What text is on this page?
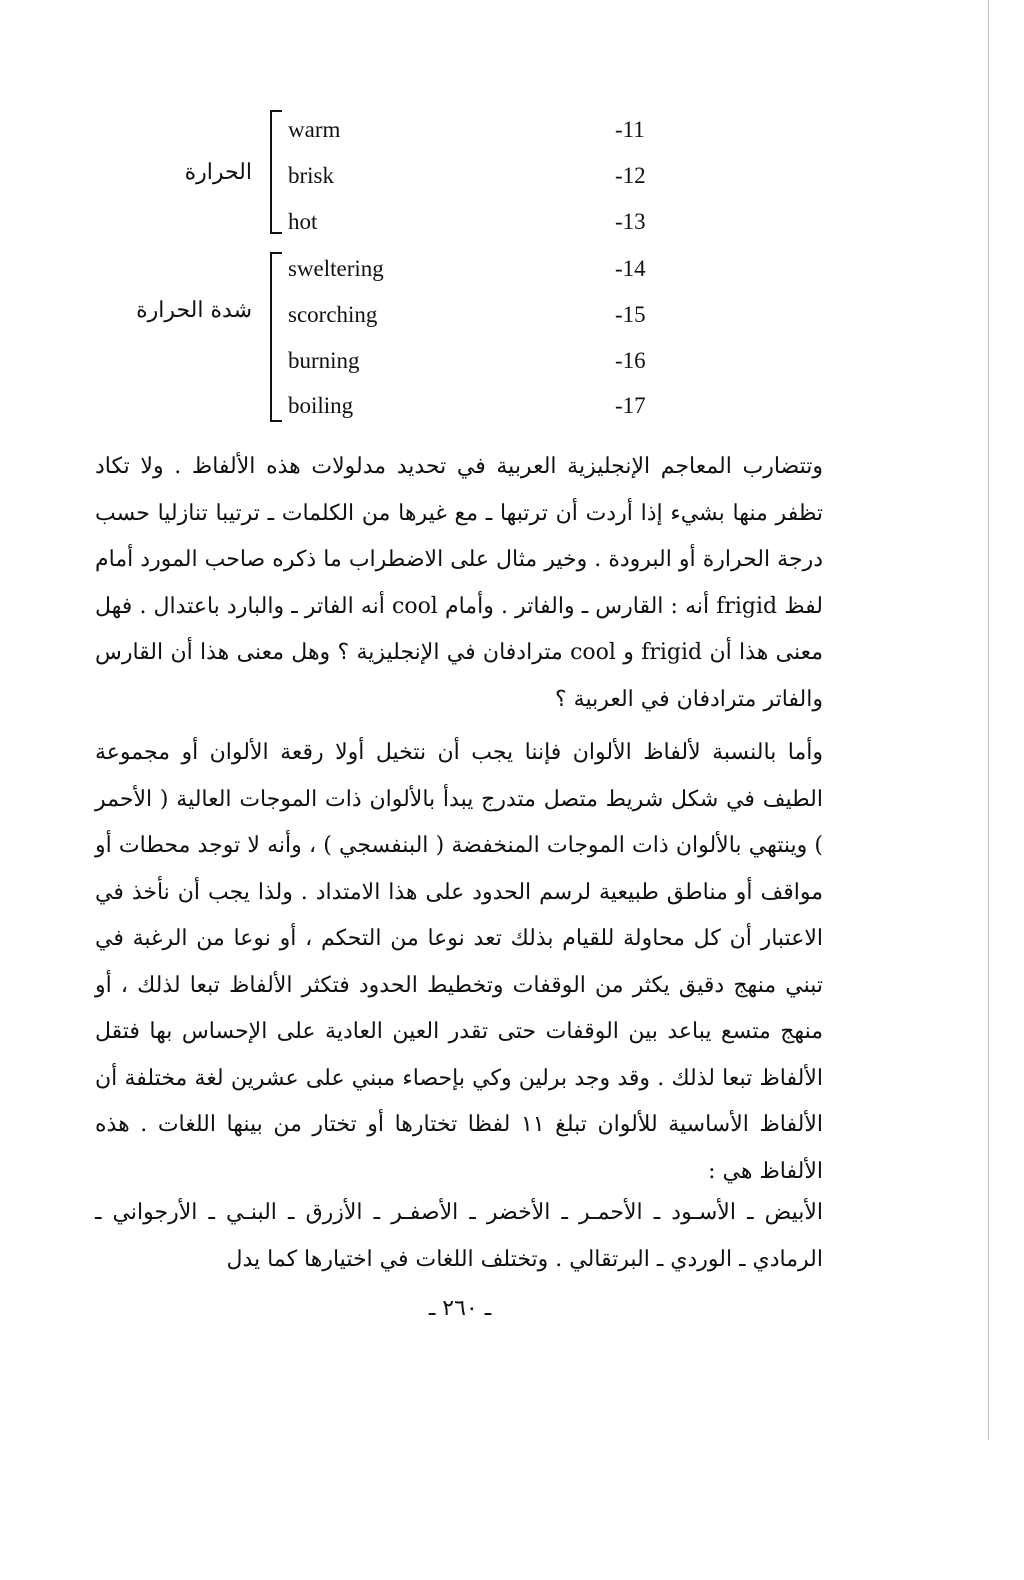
الحرارة
warm	-11
brisk	-12
hot	-13
شدة الحرارة
sweltering	-14
scorching	-15
burning	-16
boiling	-17

وتتضارب المعاجم الإنجليزية العربية في تحديد مدلولات هذه الألفاظ . ولا تكاد تظفر منها بشيء إذا أردت أن ترتبها ـ مع غيرها من الكلمات ـ ترتيبا تنازليا حسب درجة الحرارة أو البرودة . وخير مثال على الاضطراب ما ذكره صاحب المورد أمام لفظ frigid أنه : القارس ـ والفاتر . وأمام cool أنه الفاتر ـ والبارد باعتدال . فهل معنى هذا أن frigid و cool مترادفان في الإنجليزية ؟ وهل معنى هذا أن القارس والفاتر مترادفان في العربية ؟

وأما بالنسبة لألفاظ الألوان فإننا يجب أن نتخيل أولا رقعة الألوان أو مجموعة الطيف في شكل شريط متصل متدرج يبدأ بالألوان ذات الموجات العالية ( الأحمر ) وينتهي بالألوان ذات الموجات المنخفضة ( البنفسجي ) ، وأنه لا توجد محطات أو مواقف أو مناطق طبيعية لرسم الحدود على هذا الامتداد . ولذا يجب أن نأخذ في الاعتبار أن كل محاولة للقيام بذلك تعد نوعا من التحكم ، أو نوعا من الرغبة في تبني منهج دقيق يكثر من الوقفات وتخطيط الحدود فتكثر الألفاظ تبعا لذلك ، أو منهج متسع يباعد بين الوقفات حتى تقدر العين العادية على الإحساس بها فتقل الألفاظ تبعا لذلك . وقد وجد برلين وكي بإحصاء مبني على عشرين لغة مختلفة أن الألفاظ الأساسية للألوان تبلغ ١١ لفظا تختارها أو تختار من بينها اللغات . هذه الألفاظ هي :

الأبيض ـ الأسـود ـ الأحمـر ـ الأخضر ـ الأصفـر ـ الأزرق ـ البنـي ـ الأرجواني ـ الرمادي ـ الوردي ـ البرتقالي . وتختلف اللغات في اختيارها كما يدل

ـ ٢٦٠ ـ
